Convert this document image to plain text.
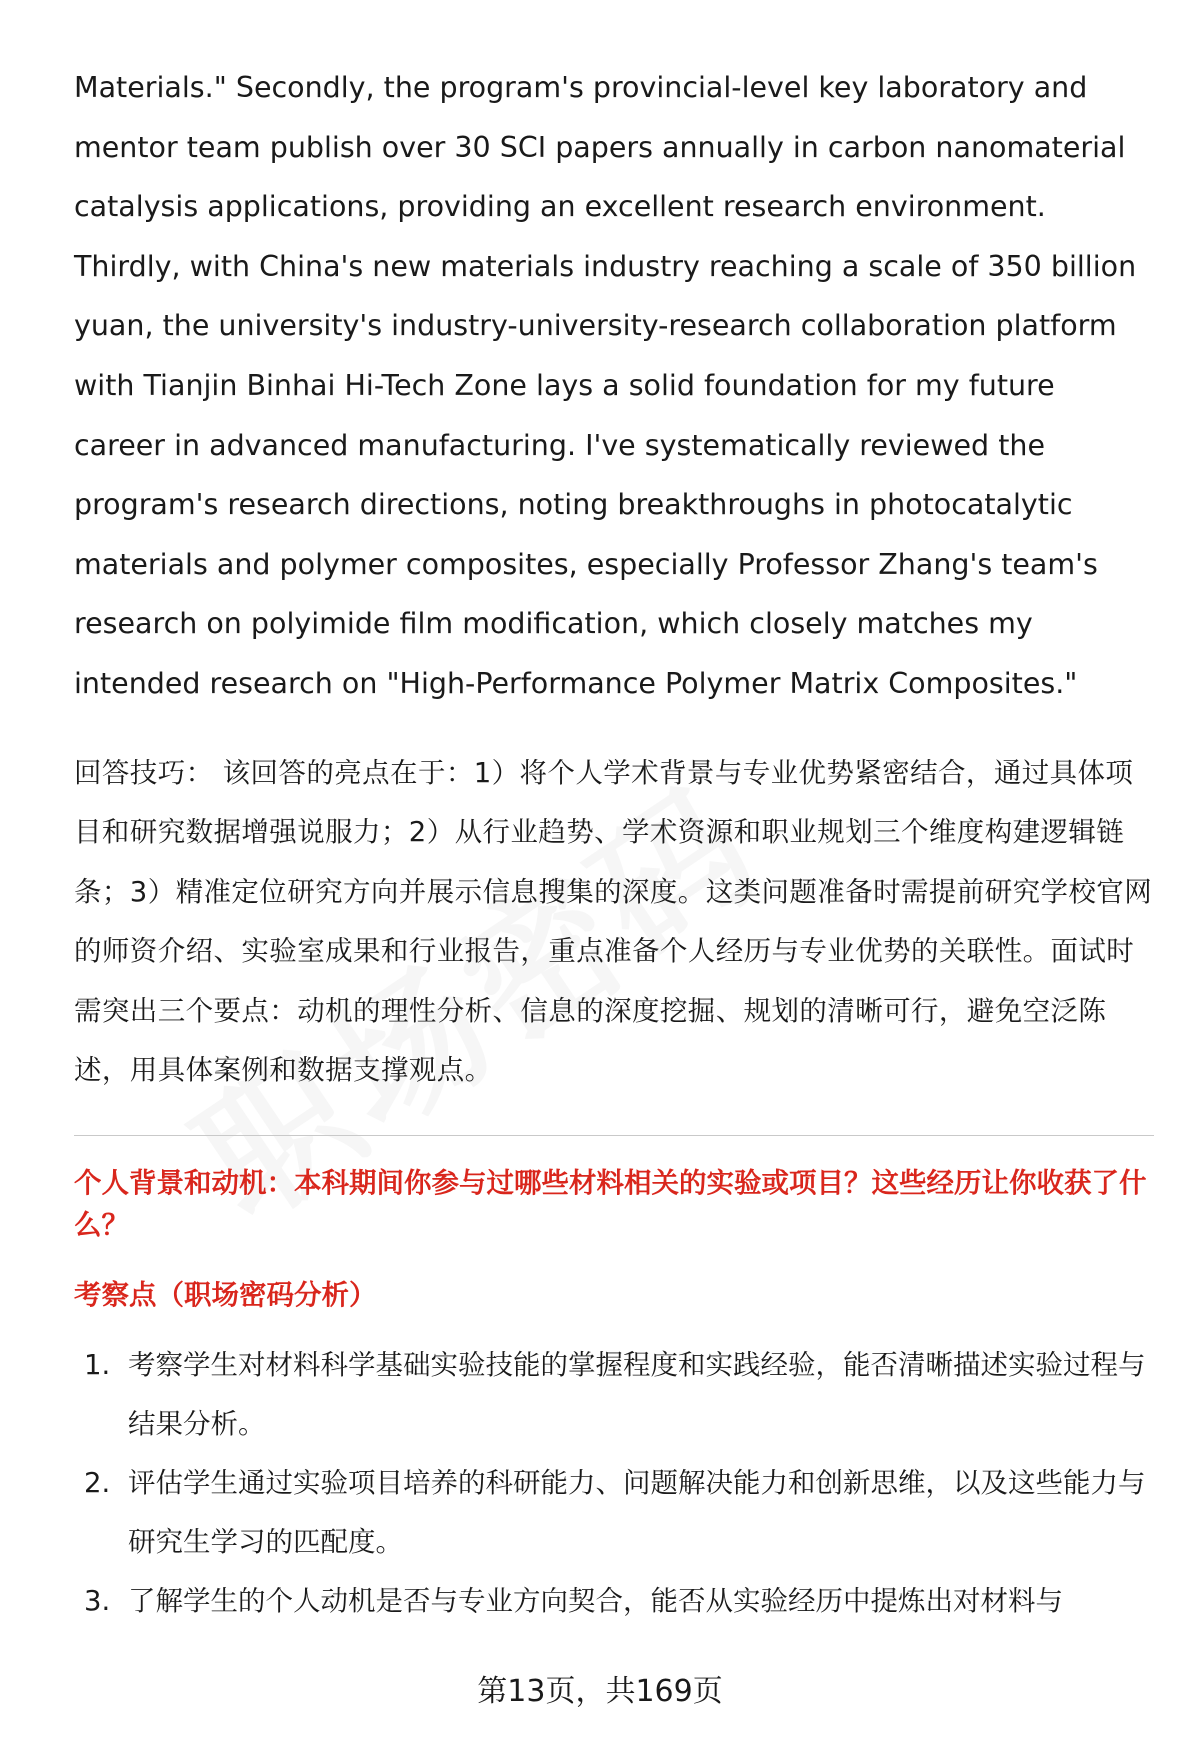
Materials." Secondly, the program's provincial-level key laboratory and mentor team publish over 30 SCI papers annually in carbon nanomaterial catalysis applications, providing an excellent research environment. Thirdly, with China's new materials industry reaching a scale of 350 billion yuan, the university's industry-university-research collaboration platform with Tianjin Binhai Hi-Tech Zone lays a solid foundation for my future career in advanced manufacturing. I've systematically reviewed the program's research directions, noting breakthroughs in photocatalytic materials and polymer composites, especially Professor Zhang's team's research on polyimide film modification, which closely matches my intended research on "High-Performance Polymer Matrix Composites."

回答技巧： 该回答的亮点在于：1）将个人学术背景与专业优势紧密结合，通过具体项目和研究数据增强说服力；2）从行业趋势、学术资源和职业规划三个维度构建逻辑链条；3）精准定位研究方向并展示信息搜集的深度。这类问题准备时需提前研究学校官网的师资介绍、实验室成果和行业报告，重点准备个人经历与专业优势的关联性。面试时需突出三个要点：动机的理性分析、信息的深度挖掘、规划的清晰可行，避免空泛陈述，用具体案例和数据支撑观点。

个人背景和动机：本科期间你参与过哪些材料相关的实验或项目？这些经历让你收获了什么？
考察点（职场密码分析）
1. 考察学生对材料科学基础实验技能的掌握程度和实践经验，能否清晰描述实验过程与结果分析。
2. 评估学生通过实验项目培养的科研能力、问题解决能力和创新思维，以及这些能力与研究生学习的匹配度。
3. 了解学生的个人动机是否与专业方向契合，能否从实验经历中提炼出对材料与
第13页，共169页
